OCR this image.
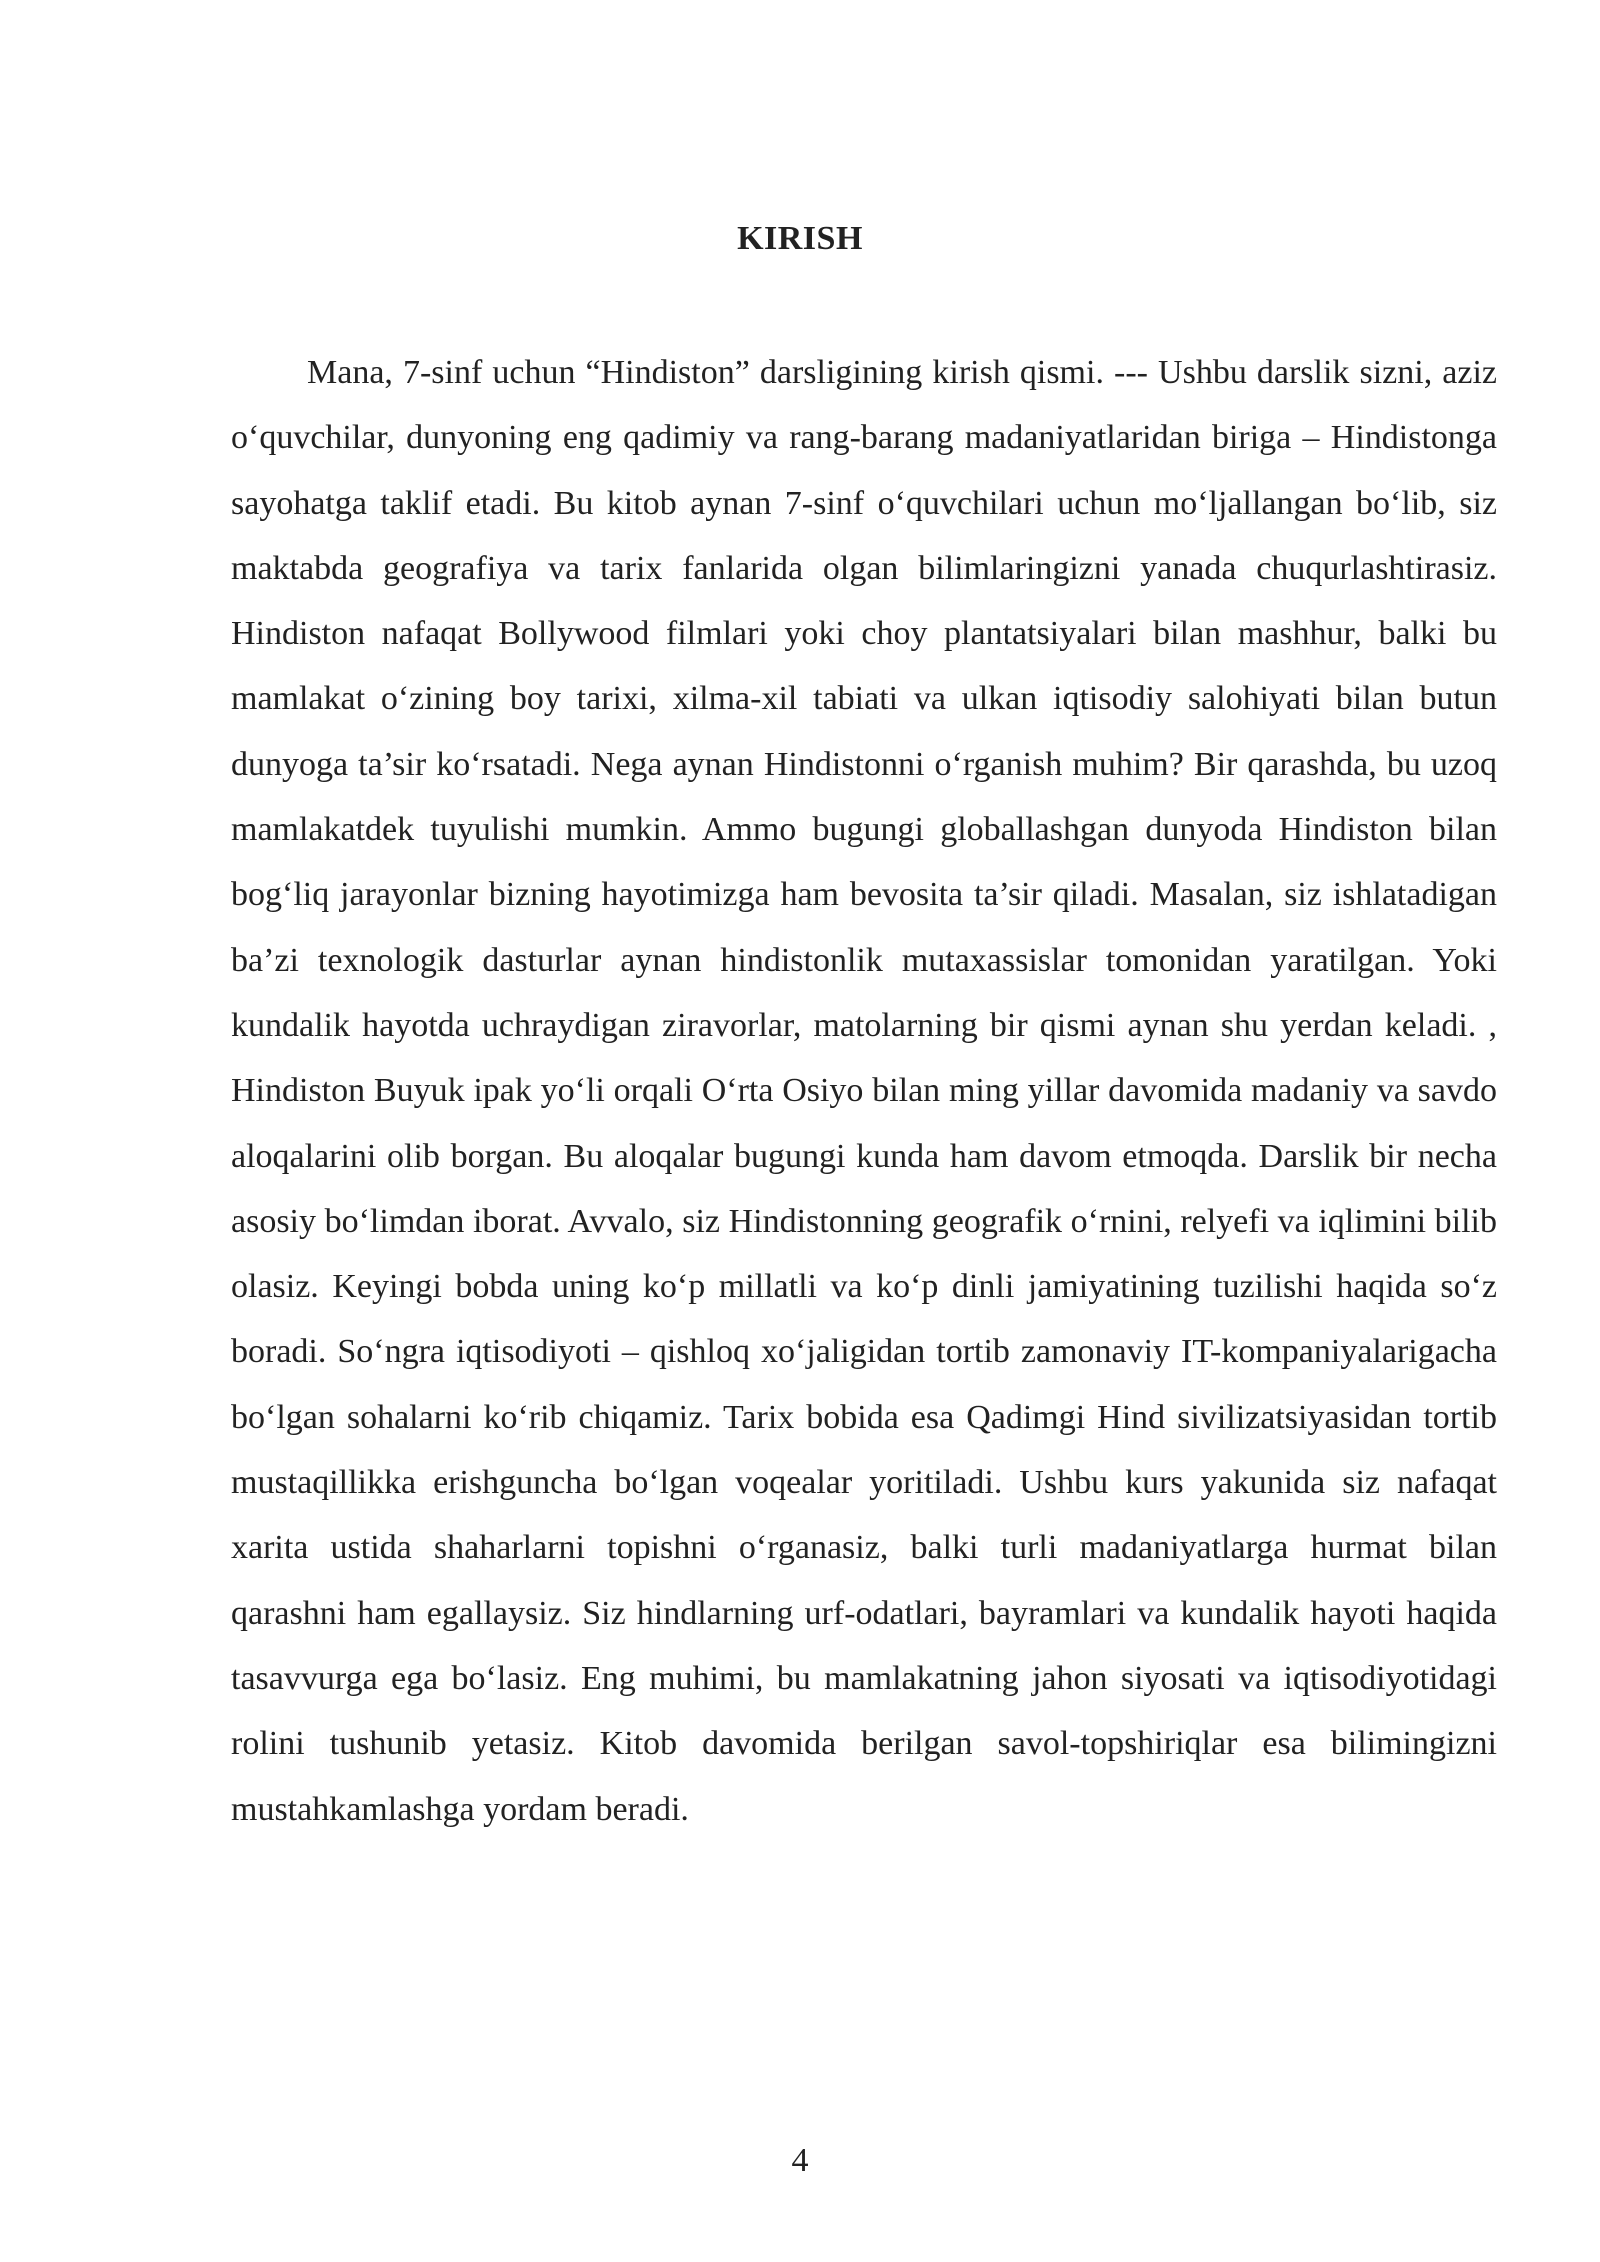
KIRISH

Mana, 7-sinf uchun “Hindiston” darsligining kirish qismi. --- Ushbu darslik sizni, aziz o‘quvchilar, dunyoning eng qadimiy va rang-barang madaniyatlaridan biriga – Hindistonga sayohatga taklif etadi. Bu kitob aynan 7-sinf o‘quvchilari uchun mo‘ljallangan bo‘lib, siz maktabda geografiya va tarix fanlarida olgan bilimlaringizni yanada chuqurlashtirasiz. Hindiston nafaqat Bollywood filmlari yoki choy plantatsiyalari bilan mashhur, balki bu mamlakat o‘zining boy tarixi, xilma-xil tabiati va ulkan iqtisodiy salohiyati bilan butun dunyoga ta’sir ko‘rsatadi. Nega aynan Hindistonni o‘rganish muhim? Bir qarashda, bu uzoq mamlakatdek tuyulishi mumkin. Ammo bugungi globallashgan dunyoda Hindiston bilan bog‘liq jarayonlar bizning hayotimizga ham bevosita ta’sir qiladi. Masalan, siz ishlatadigan ba’zi texnologik dasturlar aynan hindistonlik mutaxassislar tomonidan yaratilgan. Yoki kundalik hayotda uchraydigan ziravorlar, matolarning bir qismi aynan shu yerdan keladi. , Hindiston Buyuk ipak yo‘li orqali O‘rta Osiyo bilan ming yillar davomida madaniy va savdo aloqalarini olib borgan. Bu aloqalar bugungi kunda ham davom etmoqda. Darslik bir necha asosiy bo‘limdan iborat. Avvalo, siz Hindistonning geografik o‘rnini, relyefi va iqlimini bilib olasiz. Keyingi bobda uning ko‘p millatli va ko‘p dinli jamiyatining tuzilishi haqida so‘z boradi. So‘ngra iqtisodiyoti – qishloq xo‘jaligidan tortib zamonaviy IT-kompaniyalarigacha bo‘lgan sohalarni ko‘rib chiqamiz. Tarix bobida esa Qadimgi Hind sivilizatsiyasidan tortib mustaqillikka erishguncha bo‘lgan voqealar yoritiladi. Ushbu kurs yakunida siz nafaqat xarita ustida shaharlarni topishni o‘rganasiz, balki turli madaniyatlarga hurmat bilan qarashni ham egallaysiz. Siz hindlarning urf-odatlari, bayramlari va kundalik hayoti haqida tasavvurga ega bo‘lasiz. Eng muhimi, bu mamlakatning jahon siyosati va iqtisodiyotidagi rolini tushunib yetasiz. Kitob davomida berilgan savol-topshiriqlar esa bilimingizni mustahkamlashga yordam beradi.

4
